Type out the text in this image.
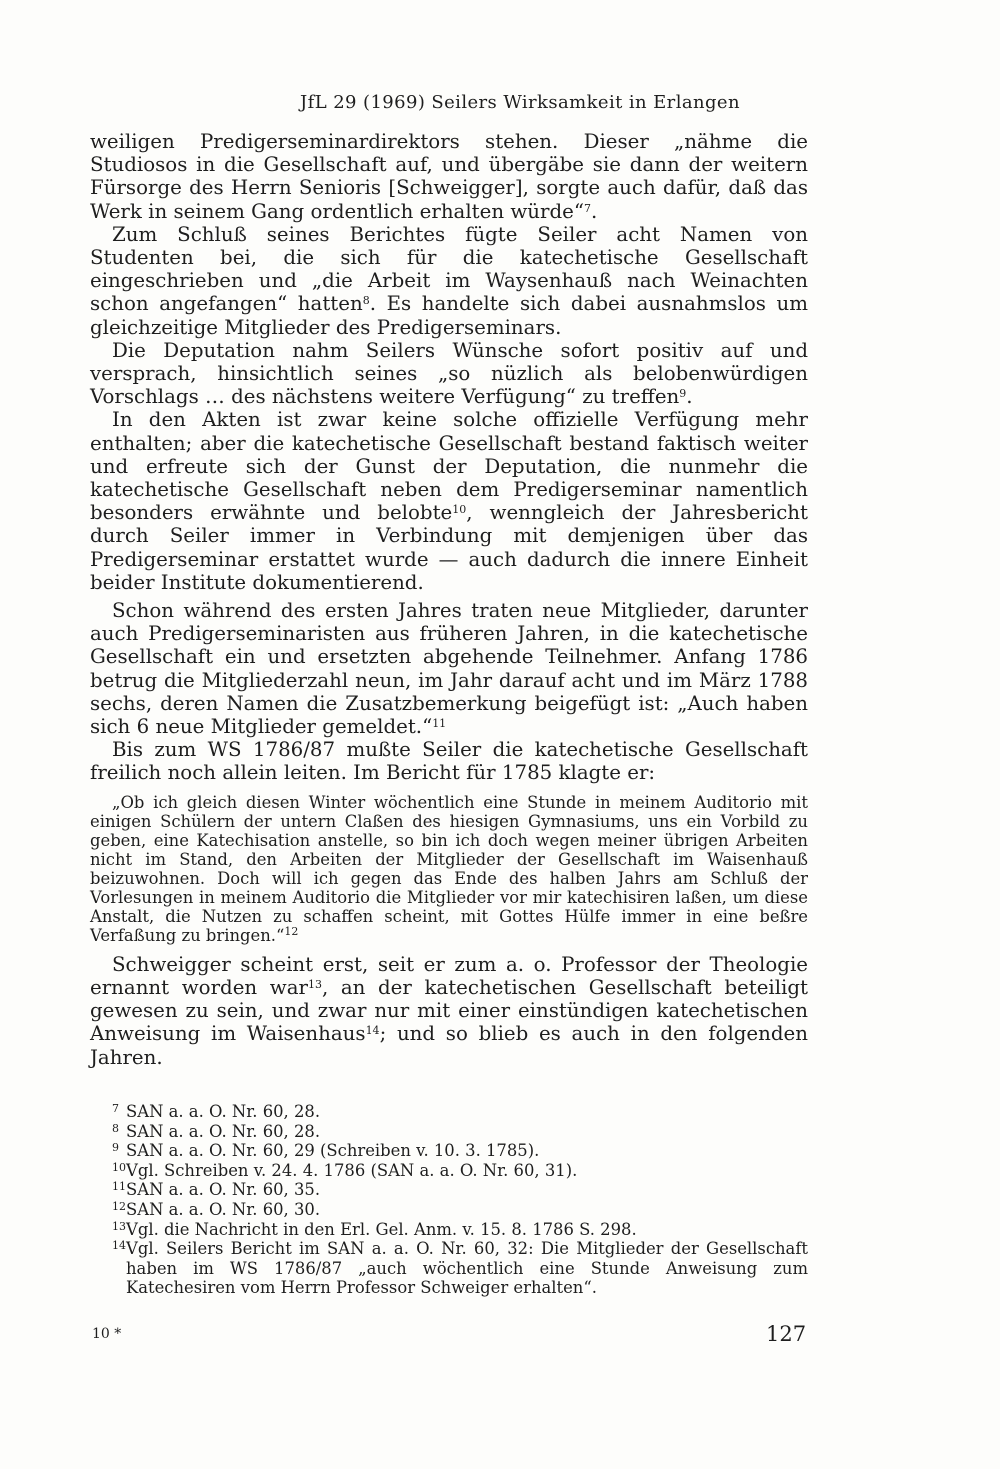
JfL 29 (1969) Seilers Wirksamkeit in Erlangen

weiligen Predigerseminardirektors stehen. Dieser „nähme die Studiosos in die Gesellschaft auf, und übergäbe sie dann der weitern Fürsorge des Herrn Senioris [Schweigger], sorgte auch dafür, daß das Werk in seinem Gang ordentlich erhalten würde“$^7$.

Zum Schluß seines Berichtes fügte Seiler acht Namen von Studenten bei, die sich für die katechetische Gesellschaft eingeschrieben und „die Arbeit im Waysenhauß nach Weinachten schon angefangen“ hatten$^8$. Es handelte sich dabei ausnahmslos um gleichzeitige Mitglieder des Predigerseminars.

Die Deputation nahm Seilers Wünsche sofort positiv auf und versprach, hinsichtlich seines „so nüzlich als belobenwürdigen Vorschlags … des nächstens weitere Verfügung“ zu treffen$^9$.

In den Akten ist zwar keine solche offizielle Verfügung mehr enthalten; aber die katechetische Gesellschaft bestand faktisch weiter und erfreute sich der Gunst der Deputation, die nunmehr die katechetische Gesellschaft neben dem Predigerseminar namentlich besonders erwähnte und belobte$^{10}$, wenngleich der Jahresbericht durch Seiler immer in Verbindung mit demjenigen über das Predigerseminar erstattet wurde — auch dadurch die innere Einheit beider Institute dokumentierend.

Schon während des ersten Jahres traten neue Mitglieder, darunter auch Predigerseminaristen aus früheren Jahren, in die katechetische Gesellschaft ein und ersetzten abgehende Teilnehmer. Anfang 1786 betrug die Mitgliederzahl neun, im Jahr darauf acht und im März 1788 sechs, deren Namen die Zusatzbemerkung beigefügt ist: „Auch haben sich 6 neue Mitglieder gemeldet.“$^{11}$

Bis zum WS 1786/87 mußte Seiler die katechetische Gesellschaft freilich noch allein leiten. Im Bericht für 1785 klagte er:

„Ob ich gleich diesen Winter wöchentlich eine Stunde in meinem Auditorio mit einigen Schülern der untern Claßen des hiesigen Gymnasiums, uns ein Vorbild zu geben, eine Katechisation anstelle, so bin ich doch wegen meiner übrigen Arbeiten nicht im Stand, den Arbeiten der Mitglieder der Gesellschaft im Waisenhauß beizuwohnen. Doch will ich gegen das Ende des halben Jahrs am Schluß der Vorlesungen in meinem Auditorio die Mitglieder vor mir katechisiren laßen, um diese Anstalt, die Nutzen zu schaffen scheint, mit Gottes Hülfe immer in eine beßre Verfaßung zu bringen.“$^{12}$

Schweigger scheint erst, seit er zum a. o. Professor der Theologie ernannt worden war$^{13}$, an der katechetischen Gesellschaft beteiligt gewesen zu sein, und zwar nur mit einer einstündigen katechetischen Anweisung im Waisenhaus$^{14}$; und so blieb es auch in den folgenden Jahren.

7 SAN a. a. O. Nr. 60, 28.
8 SAN a. a. O. Nr. 60, 28.
9 SAN a. a. O. Nr. 60, 29 (Schreiben v. 10. 3. 1785).
10 Vgl. Schreiben v. 24. 4. 1786 (SAN a. a. O. Nr. 60, 31).
11 SAN a. a. O. Nr. 60, 35.
12 SAN a. a. O. Nr. 60, 30.
13 Vgl. die Nachricht in den Erl. Gel. Anm. v. 15. 8. 1786 S. 298.
14 Vgl. Seilers Bericht im SAN a. a. O. Nr. 60, 32: Die Mitglieder der Gesellschaft haben im WS 1786/87 „auch wöchentlich eine Stunde Anweisung zum Katechesiren vom Herrn Professor Schweiger erhalten“.
10 *	127
